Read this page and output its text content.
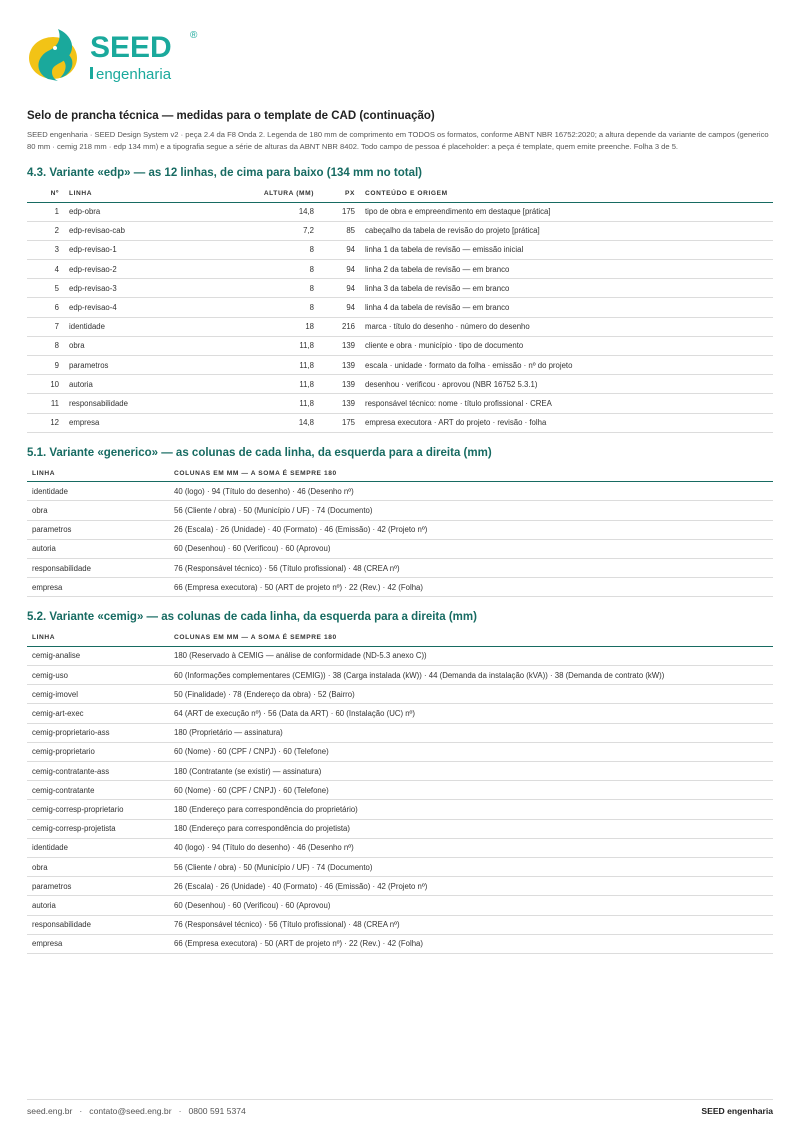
SEED ®
engenharia
Selo de prancha técnica — medidas para o template de CAD (continuação)

SEED engenharia · SEED Design System v2 · peça 2.4 da F8 Onda 2. Legenda de 180 mm de comprimento em TODOS os formatos, conforme ABNT NBR 16752:2020; a altura depende da variante de campos (generico 80 mm · cemig 218 mm · edp 134 mm) e a tipografia segue a série de alturas da ABNT NBR 8402. Todo campo de pessoa é placeholder: a peça é template, quem emite preenche. Folha 3 de 5.

4.3. Variante «edp» — as 12 linhas, de cima para baixo (134 mm no total)
Nº	LINHA	ALTURA (MM)	PX	CONTEÚDO E ORIGEM
1	edp-obra	14,8	175	tipo de obra e empreendimento em destaque [prática]
2	edp-revisao-cab	7,2	85	cabeçalho da tabela de revisão do projeto [prática]
3	edp-revisao-1	8	94	linha 1 da tabela de revisão — emissão inicial
4	edp-revisao-2	8	94	linha 2 da tabela de revisão — em branco
5	edp-revisao-3	8	94	linha 3 da tabela de revisão — em branco
6	edp-revisao-4	8	94	linha 4 da tabela de revisão — em branco
7	identidade	18	216	marca · título do desenho · número do desenho
8	obra	11,8	139	cliente e obra · município · tipo de documento
9	parametros	11,8	139	escala · unidade · formato da folha · emissão · nº do projeto
10	autoria	11,8	139	desenhou · verificou · aprovou (NBR 16752 5.3.1)
11	responsabilidade	11,8	139	responsável técnico: nome · título profissional · CREA
12	empresa	14,8	175	empresa executora · ART do projeto · revisão · folha
5.1. Variante «generico» — as colunas de cada linha, da esquerda para a direita (mm)
LINHA	COLUNAS EM MM — A SOMA É SEMPRE 180
identidade	40 (logo) · 94 (Título do desenho) · 46 (Desenho nº)
obra	56 (Cliente / obra) · 50 (Município / UF) · 74 (Documento)
parametros	26 (Escala) · 26 (Unidade) · 40 (Formato) · 46 (Emissão) · 42 (Projeto nº)
autoria	60 (Desenhou) · 60 (Verificou) · 60 (Aprovou)
responsabilidade	76 (Responsável técnico) · 56 (Título profissional) · 48 (CREA nº)
empresa	66 (Empresa executora) · 50 (ART de projeto nº) · 22 (Rev.) · 42 (Folha)
5.2. Variante «cemig» — as colunas de cada linha, da esquerda para a direita (mm)
LINHA	COLUNAS EM MM — A SOMA É SEMPRE 180
cemig-analise	180 (Reservado à CEMIG — análise de conformidade (ND-5.3 anexo C))
cemig-uso	60 (Informações complementares (CEMIG)) · 38 (Carga instalada (kW)) · 44 (Demanda da instalação (kVA)) · 38 (Demanda de contrato (kW))
cemig-imovel	50 (Finalidade) · 78 (Endereço da obra) · 52 (Bairro)
cemig-art-exec	64 (ART de execução nº) · 56 (Data da ART) · 60 (Instalação (UC) nº)
cemig-proprietario-ass	180 (Proprietário — assinatura)
cemig-proprietario	60 (Nome) · 60 (CPF / CNPJ) · 60 (Telefone)
cemig-contratante-ass	180 (Contratante (se existir) — assinatura)
cemig-contratante	60 (Nome) · 60 (CPF / CNPJ) · 60 (Telefone)
cemig-corresp-proprietario	180 (Endereço para correspondência do proprietário)
cemig-corresp-projetista	180 (Endereço para correspondência do projetista)
identidade	40 (logo) · 94 (Título do desenho) · 46 (Desenho nº)
obra	56 (Cliente / obra) · 50 (Município / UF) · 74 (Documento)
parametros	26 (Escala) · 26 (Unidade) · 40 (Formato) · 46 (Emissão) · 42 (Projeto nº)
autoria	60 (Desenhou) · 60 (Verificou) · 60 (Aprovou)
responsabilidade	76 (Responsável técnico) · 56 (Título profissional) · 48 (CREA nº)
empresa	66 (Empresa executora) · 50 (ART de projeto nº) · 22 (Rev.) · 42 (Folha)
seed.eng.br · contato@seed.eng.br · 0800 591 5374	SEED engenharia
